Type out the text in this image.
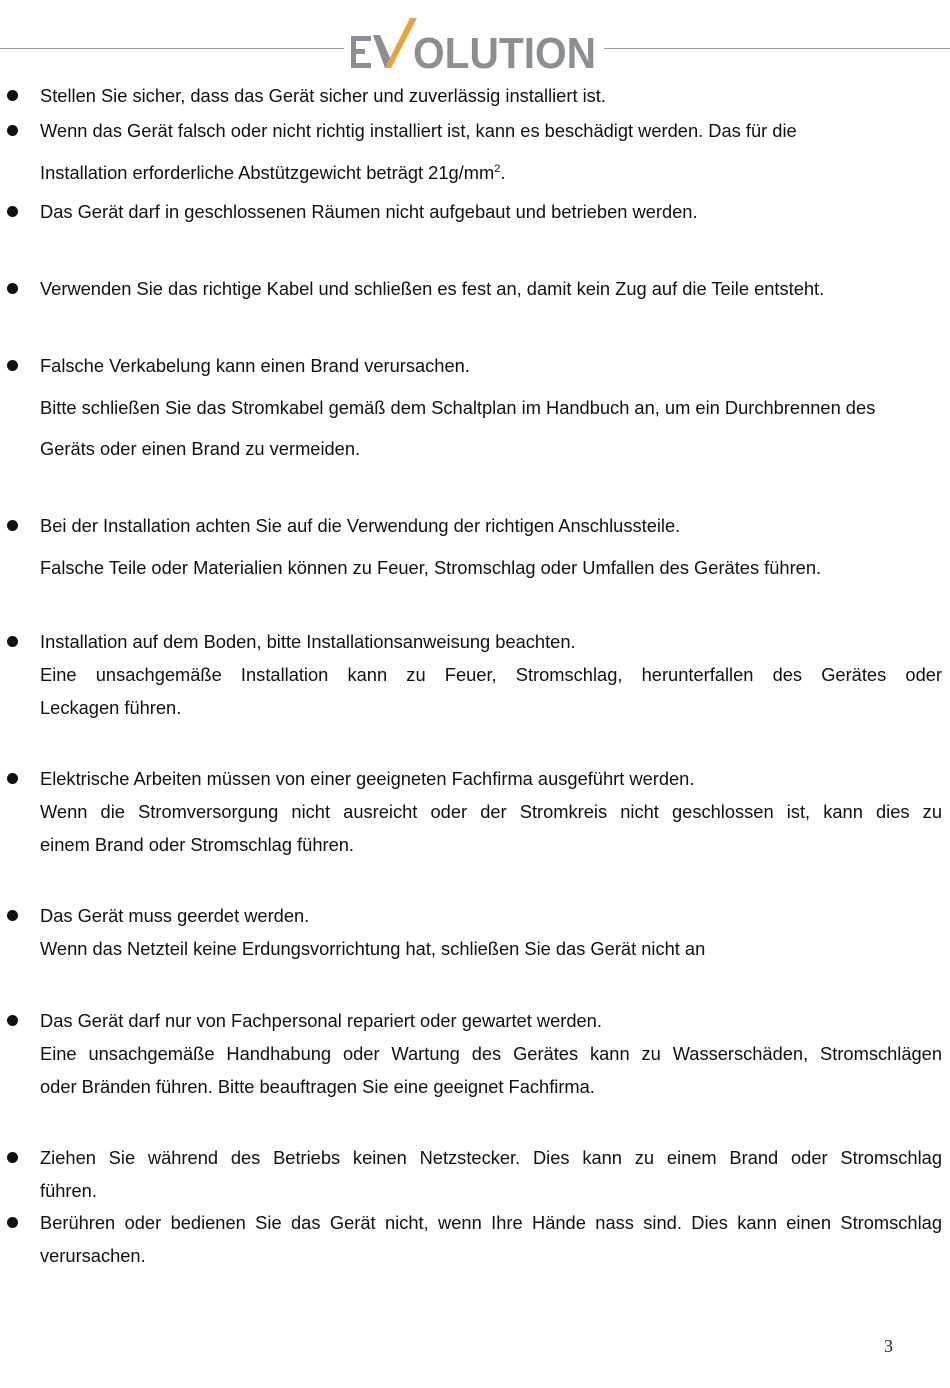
OLUTION
Stellen Sie sicher, dass das Gerät sicher und zuverlässig installiert ist.
Wenn das Gerät falsch oder nicht richtig installiert ist, kann es beschädigt werden. Das für die
Installation erforderliche Abstützgewicht beträgt $21g/mm^2$.
Das Gerät darf in geschlossenen Räumen nicht aufgebaut und betrieben werden.
Verwenden Sie das richtige Kabel und schließen es fest an, damit kein Zug auf die Teile entsteht.
Falsche Verkabelung kann einen Brand verursachen.
Bitte schließen Sie das Stromkabel gemäß dem Schaltplan im Handbuch an, um ein Durchbrennen des
Geräts oder einen Brand zu vermeiden.
Bei der Installation achten Sie auf die Verwendung der richtigen Anschlussteile.
Falsche Teile oder Materialien können zu Feuer, Stromschlag oder Umfallen des Gerätes führen.
Installation auf dem Boden, bitte Installationsanweisung beachten.
Eine unsachgemäße Installation kann zu Feuer, Stromschlag, herunterfallen des Gerätes oder
Leckagen führen.
Elektrische Arbeiten müssen von einer geeigneten Fachfirma ausgeführt werden.
Wenn die Stromversorgung nicht ausreicht oder der Stromkreis nicht geschlossen ist, kann dies zu
einem Brand oder Stromschlag führen.
Das Gerät muss geerdet werden.
Wenn das Netzteil keine Erdungsvorrichtung hat, schließen Sie das Gerät nicht an
Das Gerät darf nur von Fachpersonal repariert oder gewartet werden.
Eine unsachgemäße Handhabung oder Wartung des Gerätes kann zu Wasserschäden, Stromschlägen
oder Bränden führen. Bitte beauftragen Sie eine geeignet Fachfirma.
Ziehen Sie während des Betriebs keinen Netzstecker. Dies kann zu einem Brand oder Stromschlag
führen.
Berühren oder bedienen Sie das Gerät nicht, wenn Ihre Hände nass sind. Dies kann einen Stromschlag
verursachen.
3
